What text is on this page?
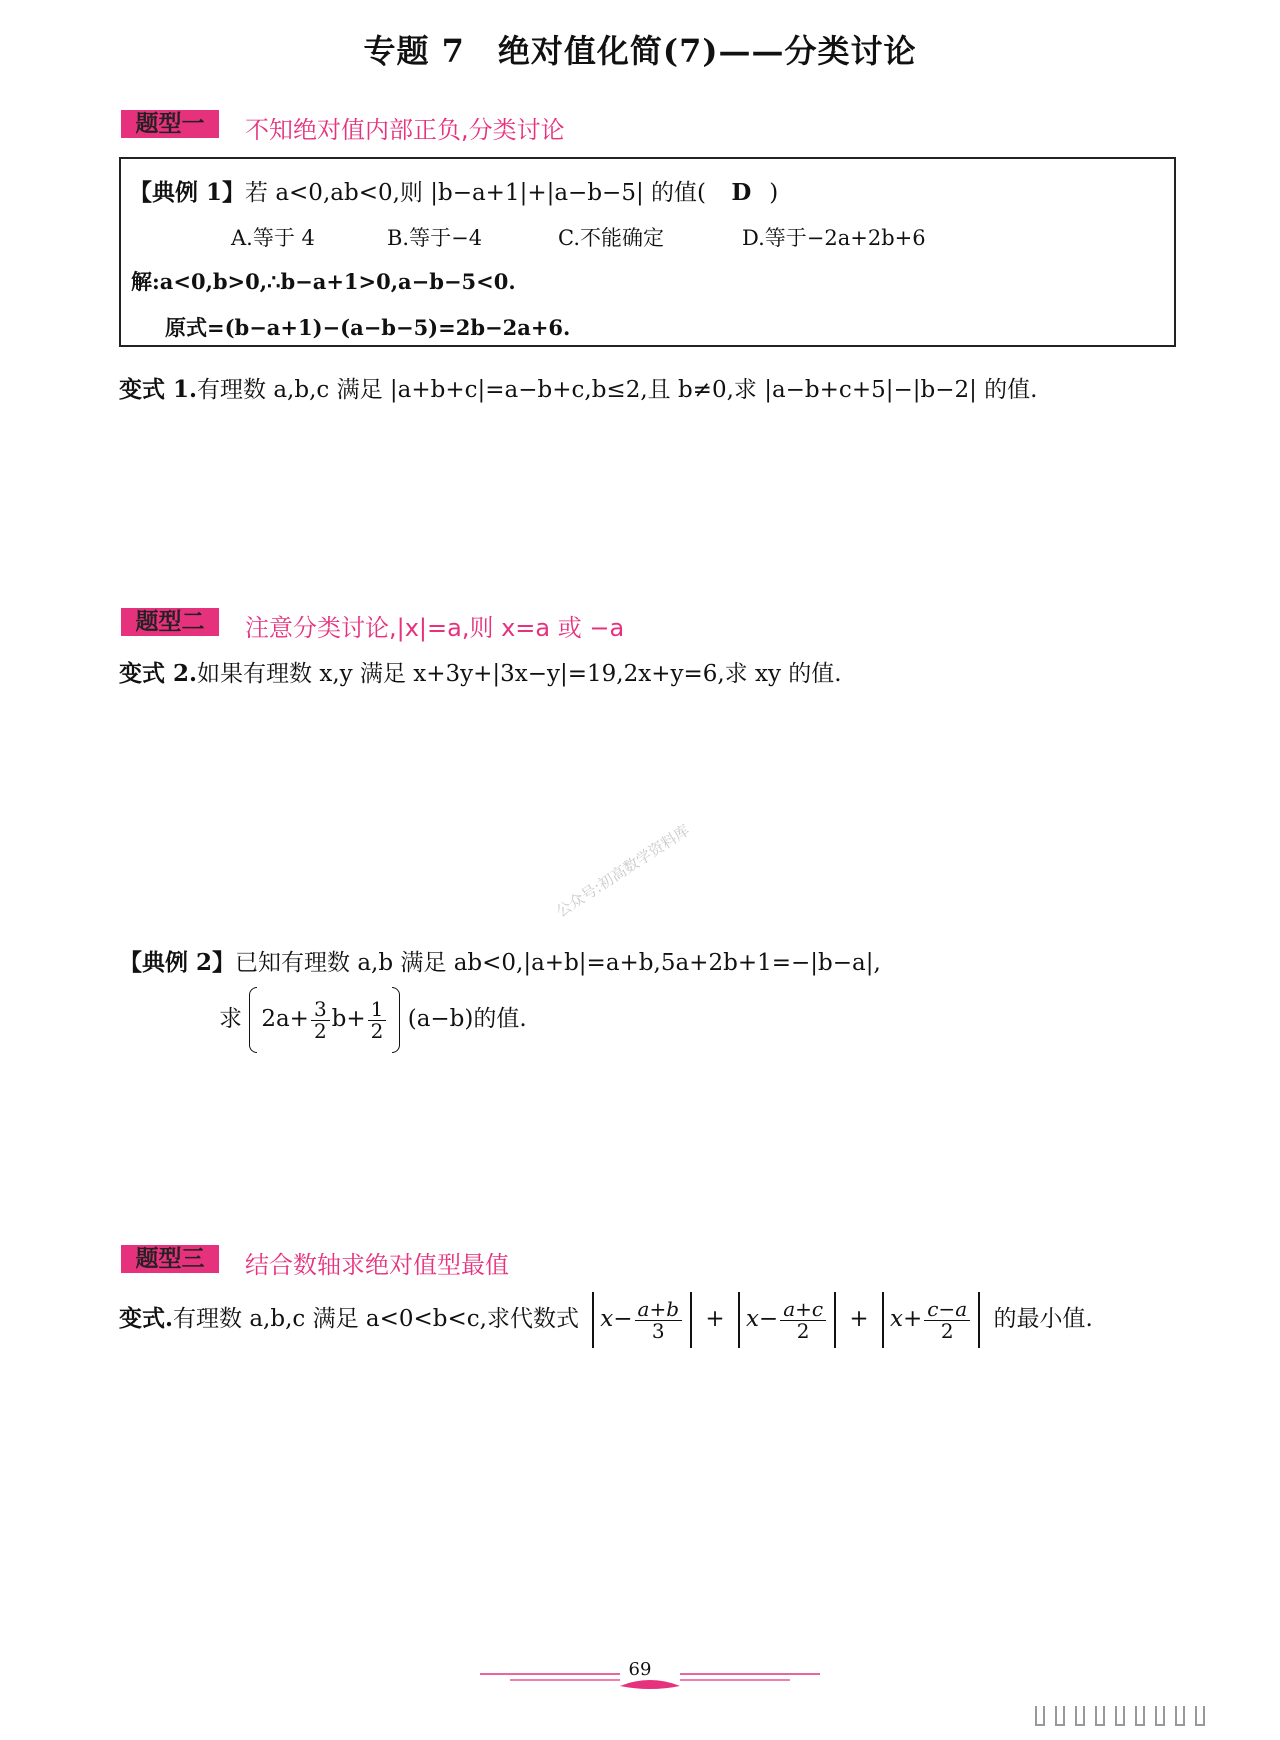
专题 7　绝对值化简(7)——分类讨论
题型一	不知绝对值内部正负,分类讨论
【典例 1】若 a<0,ab<0,则 |b−a+1|+|a−b−5| 的值( D )
A.等于 4	B.等于−4	C.不能确定	D.等于−2a+2b+6
解:a<0,b>0,∴b−a+1>0,a−b−5<0.
原式=(b−a+1)−(a−b−5)=2b−2a+6.
变式 1.有理数 a,b,c 满足 |a+b+c|=a−b+c,b≤2,且 b≠0,求 |a−b+c+5|−|b−2| 的值.
题型二	注意分类讨论,|x|=a,则 x=a 或 −a
变式 2.如果有理数 x,y 满足 x+3y+|3x−y|=19,2x+y=6,求 xy 的值.
公众号:初高数学资料库
【典例 2】已知有理数 a,b 满足 ab<0,|a+b|=a+b,5a+2b+1=−|b−a|,
求 $2a+ \frac{3}{2} b+ \frac{1}{2} (a-b)$的值.
题型三	结合数轴求绝对值型最值
变式.有理数 a,b,c 满足 a<0<b<c,求代数式 $x- \frac{a+b}{3} + x- \frac{a+c}{2} + x+ \frac{c-a}{2}$ 的最小值.
69
